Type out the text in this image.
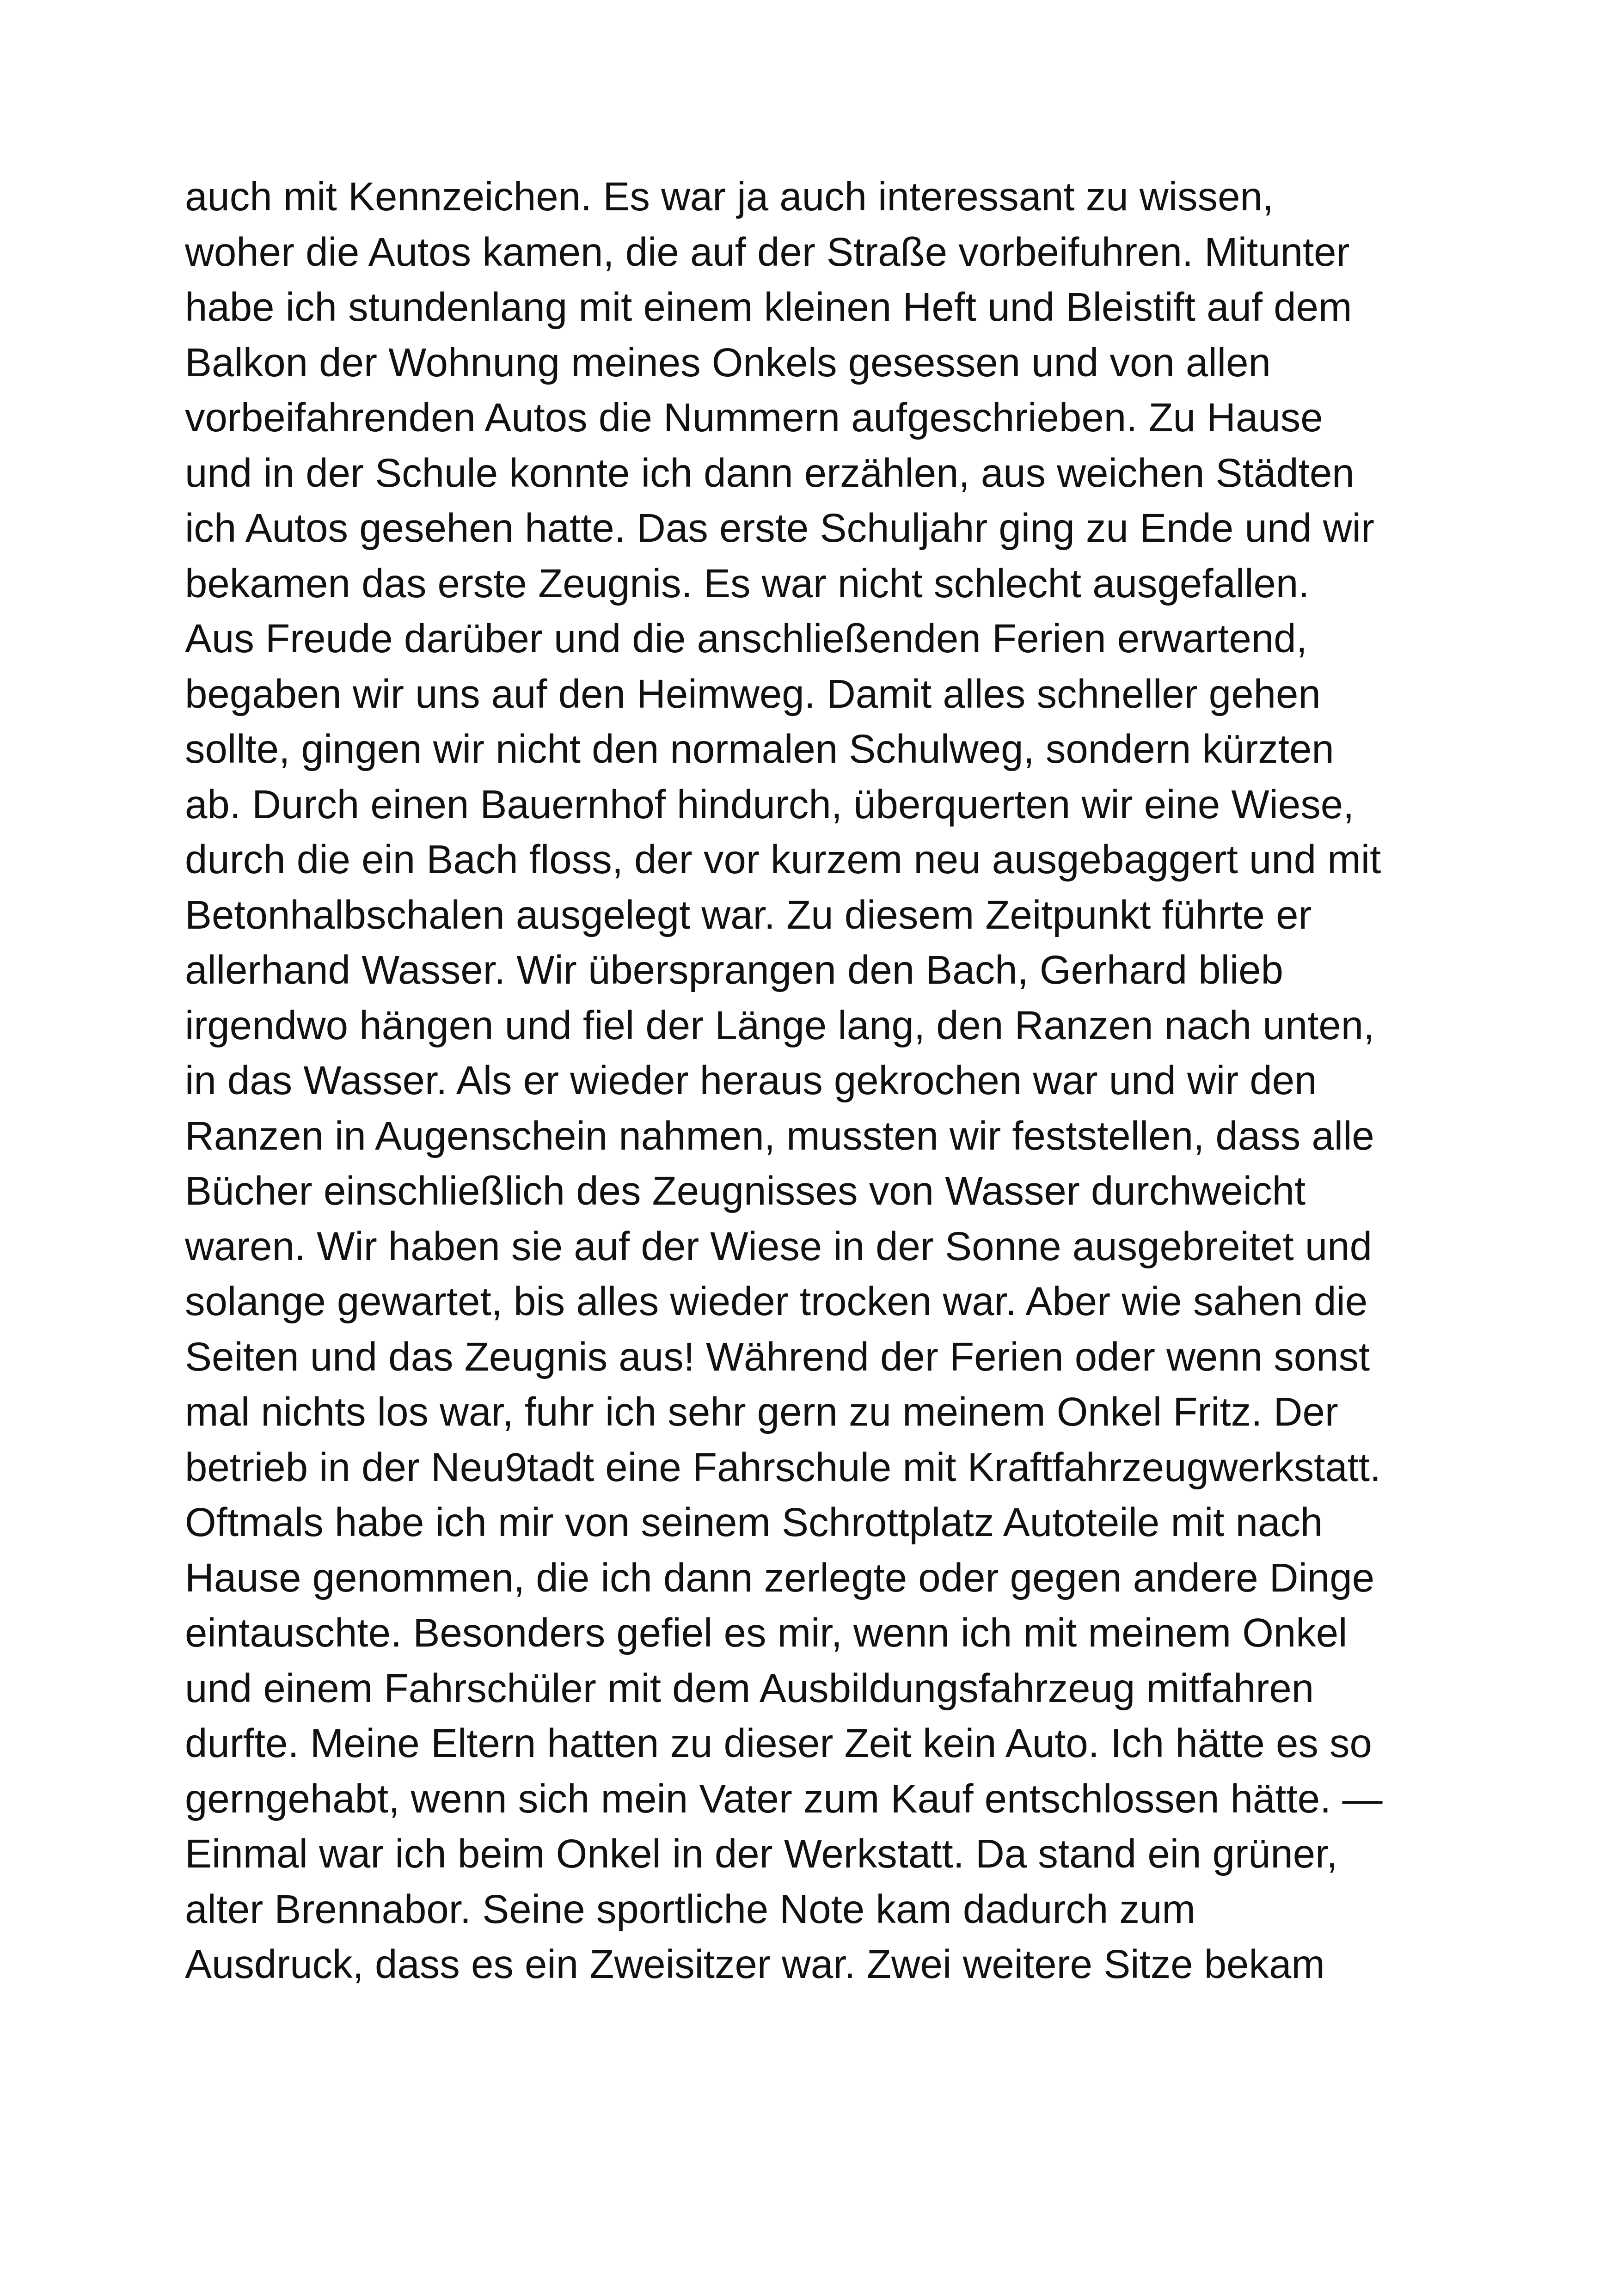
auch mit Kennzeichen. Es war ja auch interessant zu wissen,
woher die Autos kamen, die auf der Straße vorbeifuhren. Mitunter
habe ich stundenlang mit einem kleinen Heft und Bleistift auf dem
Balkon der Wohnung meines Onkels gesessen und von allen
vorbeifahrenden Autos die Nummern aufgeschrieben. Zu Hause
und in der Schule konnte ich dann erzählen, aus weichen Städten
ich Autos gesehen hatte. Das erste Schuljahr ging zu Ende und wir
bekamen das erste Zeugnis. Es war nicht schlecht ausgefallen.
Aus Freude darüber und die anschließenden Ferien erwartend,
begaben wir uns auf den Heimweg. Damit alles schneller gehen
sollte, gingen wir nicht den normalen Schulweg, sondern kürzten
ab. Durch einen Bauernhof hindurch, überquerten wir eine Wiese,
durch die ein Bach floss, der vor kurzem neu ausgebaggert und mit
Betonhalbschalen ausgelegt war. Zu diesem Zeitpunkt führte er
allerhand Wasser. Wir übersprangen den Bach, Gerhard blieb
irgendwo hängen und fiel der Länge lang, den Ranzen nach unten,
in das Wasser. Als er wieder heraus gekrochen war und wir den
Ranzen in Augenschein nahmen, mussten wir feststellen, dass alle
Bücher einschließlich des Zeugnisses von Wasser durchweicht
waren. Wir haben sie auf der Wiese in der Sonne ausgebreitet und
solange gewartet, bis alles wieder trocken war. Aber wie sahen die
Seiten und das Zeugnis aus! Während der Ferien oder wenn sonst
mal nichts los war, fuhr ich sehr gern zu meinem Onkel Fritz. Der
betrieb in der Neu9tadt eine Fahrschule mit Kraftfahrzeugwerkstatt.
Oftmals habe ich mir von seinem Schrottplatz Autoteile mit nach
Hause genommen, die ich dann zerlegte oder gegen andere Dinge
eintauschte. Besonders gefiel es mir, wenn ich mit meinem Onkel
und einem Fahrschüler mit dem Ausbildungsfahrzeug mitfahren
durfte. Meine Eltern hatten zu dieser Zeit kein Auto. Ich hätte es so
gerngehabt, wenn sich mein Vater zum Kauf entschlossen hätte. —
Einmal war ich beim Onkel in der Werkstatt. Da stand ein grüner,
alter Brennabor. Seine sportliche Note kam dadurch zum
Ausdruck, dass es ein Zweisitzer war. Zwei weitere Sitze bekam
